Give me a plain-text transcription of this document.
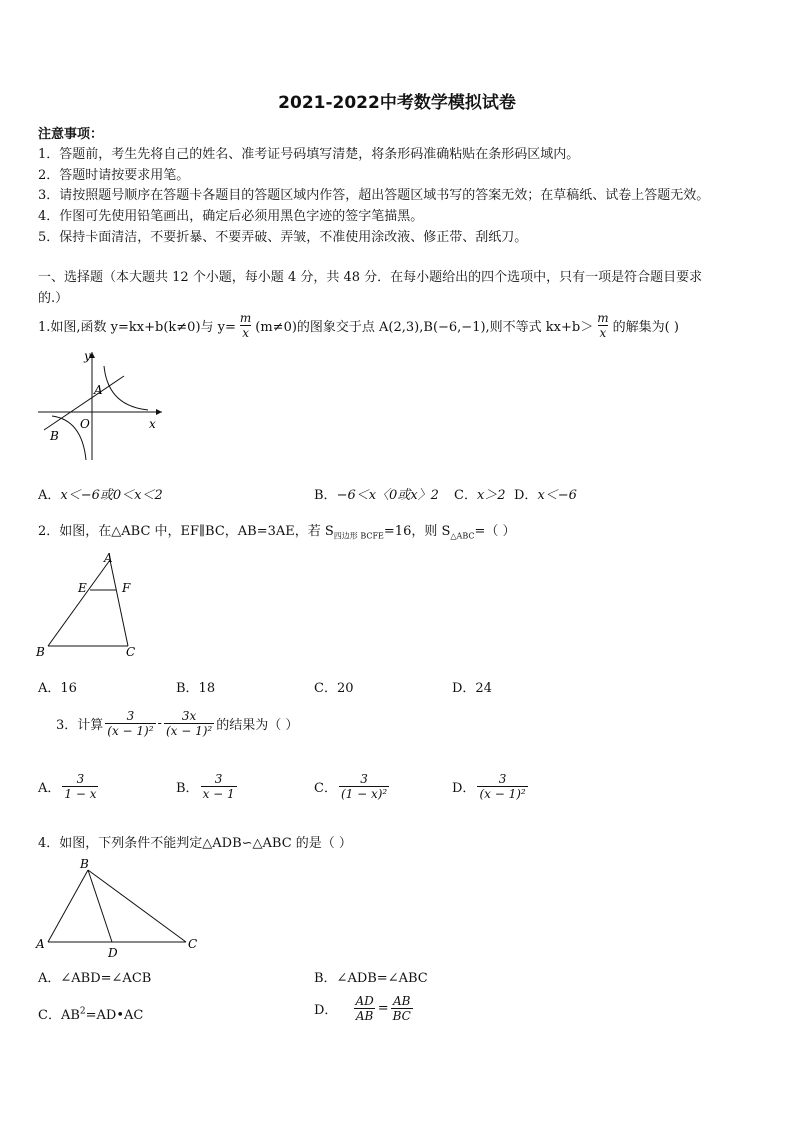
2021-2022中考数学模拟试卷
注意事项：
1．答题前，考生先将自己的姓名、准考证号码填写清楚，将条形码准确粘贴在条形码区域内。
2．答题时请按要求用笔。
3．请按照题号顺序在答题卡各题目的答题区域内作答，超出答题区域书写的答案无效；在草稿纸、试卷上答题无效。
4．作图可先使用铅笔画出，确定后必须用黑色字迹的签字笔描黑。
5．保持卡面清洁，不要折暴、不要弄破、弄皱，不准使用涂改液、修正带、刮纸刀。
一、选择题（本大题共 12 个小题，每小题 4 分，共 48 分．在每小题给出的四个选项中，只有一项是符合题目要求
的.）
1.如图,函数 y=kx+b(k≠0)与 $y= \frac{m}{x} (m\ne 0)$的图象交于点 A(2,3),B(−6,−1),则不等式 $kx+b> \frac{m}{x}$ 的解集为( )
y
x
O
A
B
A．x＜−6或0＜x＜2	B．−6＜x〈0或x〉2 C．x＞2 D．x＜−6
2．如图，在△ABC 中，EF∥BC，AB=3AE，若 $S_{四边形 BCFE}=16$，则 $S_{\triangle ABC}=$（ ）
A
E	F
B	C
A．16	B．18	C．20	D．24
3．计算 $\frac{3}{\text{(x − 1)²}} - \frac{3x}{\text{(x − 1)²}}$ 的结果为（ ）
A． $\frac{3}{1 - x}$	B． $\frac{3}{x - 1}$	C． $\frac{3}{\text{(1 − x)²}}$	D． $\frac{3}{\text{(x − 1)²}}$
4．如图，下列条件不能判定△ADB∽△ABC 的是（ ）
B
A
D
C
A．∠ABD=∠ACB	B．∠ADB=∠ABC
C．$AB^2=AD•AC$	D． $\frac{AD}{AB} = \frac{AB}{BC}$
